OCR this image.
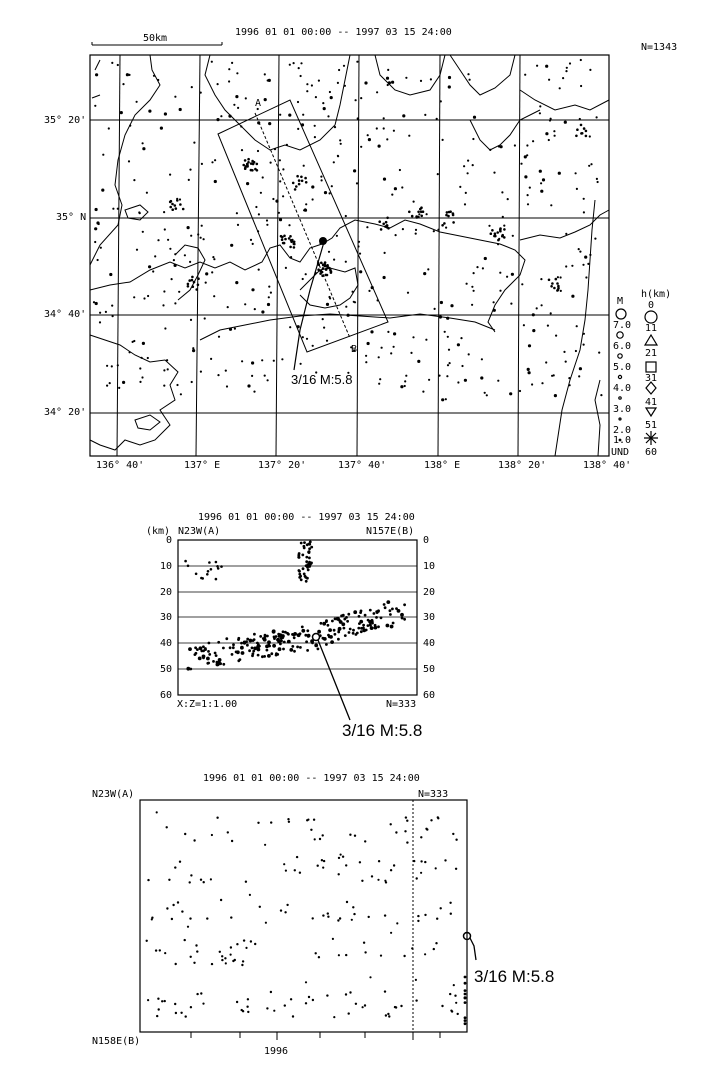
1996 01 01 00:00 -- 1997 03 15 24:00
N=1343
50km
A
B
3/16 M:5.8
35° 20'
35° N
34° 40'
34° 20'
136° 40'	137° E	137° 20'	137° 40'	138° E	138° 20'	138° 40'
M
h(km)
7.0
6.0
5.0
4.0
3.0
2.0
1.0
UND
0
11
21
31
41
51
60
1996 01 01 00:00 -- 1997 03 15 24:00
(km) N23W(A)	N157E(B)
0
10
20
30
40
50
60
0
10
20
30
40
50
60
X:Z=1:1.00	N=333
3/16 M:5.8
1996 01 01 00:00 -- 1997 03 15 24:00
N23W(A)	N=333
N158E(B)
1996
3/16 M:5.8
